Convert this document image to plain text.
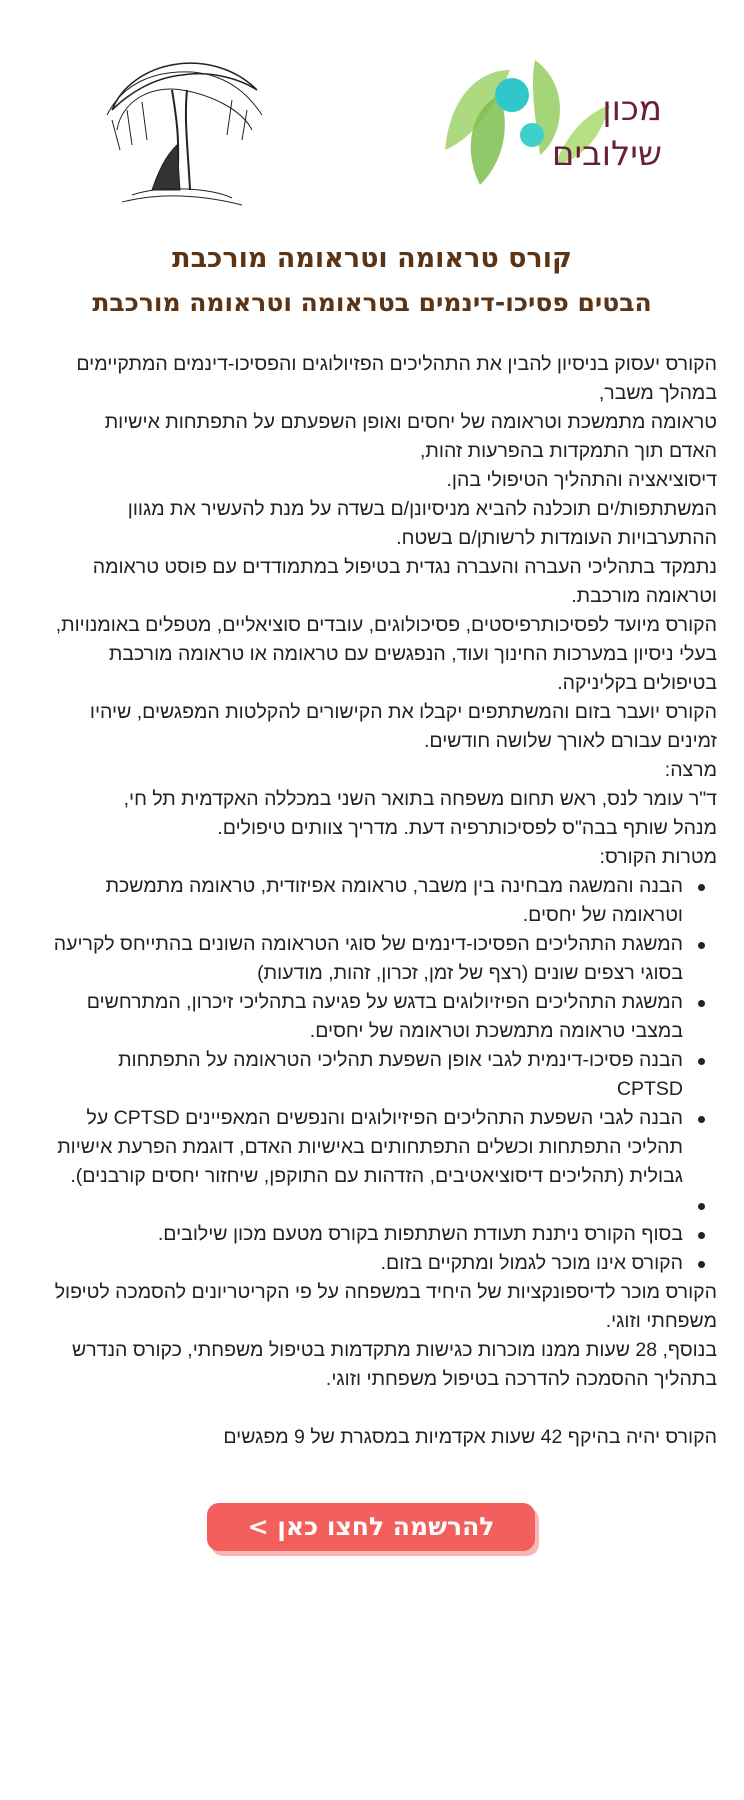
מכון
שילובים
קורס טראומה וטראומה מורכבת
הבטים פסיכו-דינמים בטראומה וטראומה מורכבת

הקורס יעסוק בניסיון להבין את התהליכים הפזיולוגים והפסיכו-דינמים המתקיימים במהלך משבר,

טראומה מתמשכת וטראומה של יחסים ואופן השפעתם על התפתחות אישיות האדם תוך התמקדות בהפרעות זהות,

דיסוציאציה והתהליך הטיפולי בהן.

המשתתפות/ים תוכלנה להביא מניסיונן/ם בשדה על מנת להעשיר את מגוון ההתערבויות העומדות לרשותן/ם בשטח.

נתמקד בתהליכי העברה והעברה נגדית בטיפול במתמודדים עם פוסט טראומה וטראומה מורכבת.

הקורס מיועד לפסיכותרפיסטים, פסיכולוגים, עובדים סוציאליים, מטפלים באומנויות, בעלי ניסיון במערכות החינוך ועוד, הנפגשים עם טראומה או טראומה מורכבת בטיפולים בקליניקה.

הקורס יועבר בזום והמשתתפים יקבלו את הקישורים להקלטות המפגשים, שיהיו זמינים עבורם לאורך שלושה חודשים.

מרצה:

ד"ר עומר לנס, ראש תחום משפחה בתואר השני במכללה האקדמית תל חי,

מנהל שותף בבה"ס לפסיכותרפיה דעת. מדריך צוותים טיפולים.

מטרות הקורס:

הבנה והמשגה מבחינה בין משבר, טראומה אפיזודית, טראומה מתמשכת וטראומה של יחסים.
המשגת התהליכים הפסיכו-דינמים של סוגי הטראומה השונים בהתייחס לקריעה בסוגי רצפים שונים (רצף של זמן, זכרון, זהות, מודעות)
המשגת התהליכים הפיזיולוגים בדגש על פגיעה בתהליכי זיכרון, המתרחשים במצבי טראומה מתמשכת וטראומה של יחסים.
הבנה פסיכו-דינמית לגבי אופן השפעת תהליכי הטראומה על התפתחות CPTSD
הבנה לגבי השפעת התהליכים הפיזיולוגים והנפשים המאפיינים CPTSD על תהליכי התפתחות וכשלים התפתחותים באישיות האדם, דוגמת הפרעת אישיות גבולית (תהליכים דיסוציאטיבים, הזדהות עם התוקפן, שיחזור יחסים קורבנים).
בסוף הקורס ניתנת תעודת השתתפות בקורס מטעם מכון שילובים.
הקורס אינו מוכר לגמול ומתקיים בזום.

הקורס מוכר לדיספונקציות של היחיד במשפחה על פי הקריטריונים להסמכה לטיפול משפחתי וזוגי.

בנוסף, 28 שעות ממנו מוכרות כגישות מתקדמות בטיפול משפחתי, כקורס הנדרש בתהליך ההסמכה להדרכה בטיפול משפחתי וזוגי.

הקורס יהיה בהיקף 42 שעות אקדמיות במסגרת של 9 מפגשים

להרשמה לחצו כאן >
